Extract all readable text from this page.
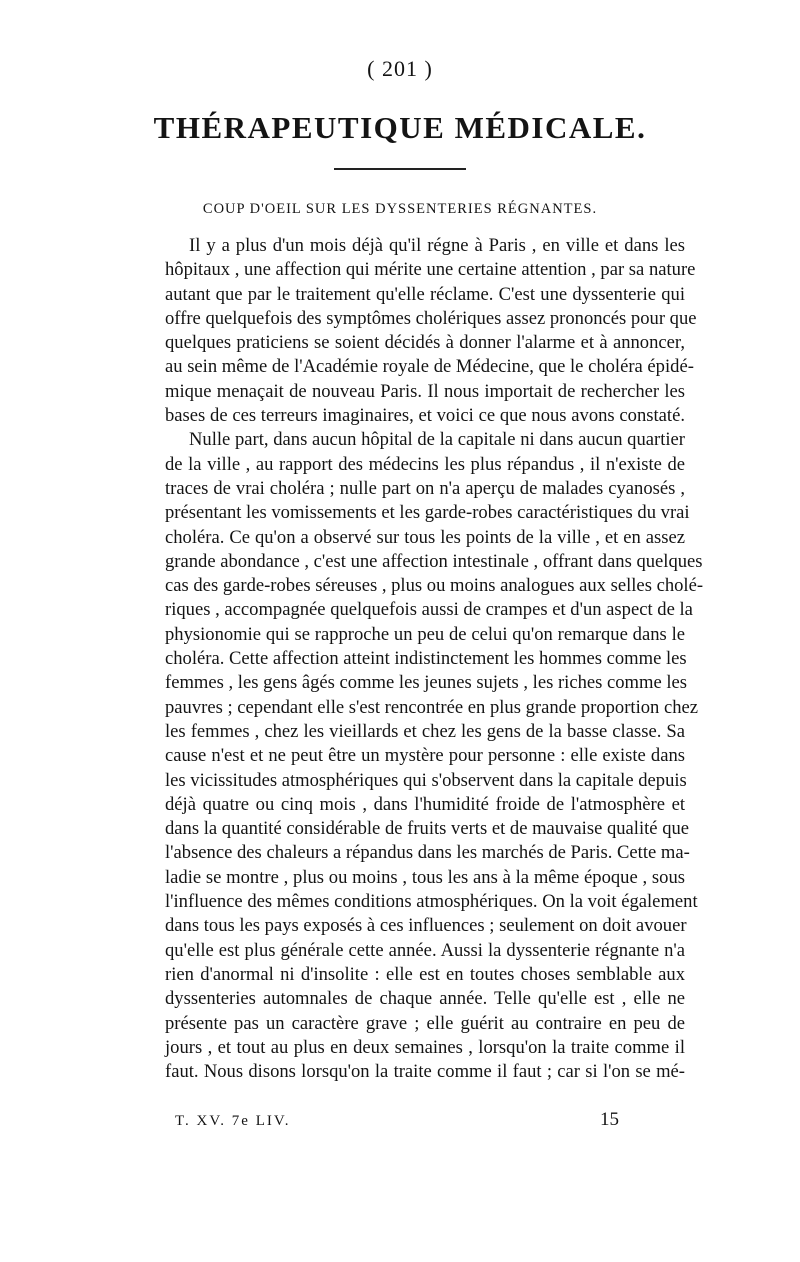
( 201 )
THÉRAPEUTIQUE MÉDICALE.
COUP D'OEIL SUR LES DYSSENTERIES RÉGNANTES.
Il y a plus d'un mois déjà qu'il régne à Paris , en ville et dans les
hôpitaux , une affection qui mérite une certaine attention , par sa nature
autant que par le traitement qu'elle réclame. C'est une dyssenterie qui
offre quelquefois des symptômes cholériques assez prononcés pour que
quelques praticiens se soient décidés à donner l'alarme et à annoncer,
au sein même de l'Académie royale de Médecine, que le choléra épidé-
mique menaçait de nouveau Paris. Il nous importait de rechercher les
bases de ces terreurs imaginaires, et voici ce que nous avons constaté.
Nulle part, dans aucun hôpital de la capitale ni dans aucun quartier
de la ville , au rapport des médecins les plus répandus , il n'existe de
traces de vrai choléra ; nulle part on n'a aperçu de malades cyanosés ,
présentant les vomissements et les garde-robes caractéristiques du vrai
choléra. Ce qu'on a observé sur tous les points de la ville , et en assez
grande abondance , c'est une affection intestinale , offrant dans quelques
cas des garde-robes séreuses , plus ou moins analogues aux selles cholé-
riques , accompagnée quelquefois aussi de crampes et d'un aspect de la
physionomie qui se rapproche un peu de celui qu'on remarque dans le
choléra. Cette affection atteint indistinctement les hommes comme les
femmes , les gens âgés comme les jeunes sujets , les riches comme les
pauvres ; cependant elle s'est rencontrée en plus grande proportion chez
les femmes , chez les vieillards et chez les gens de la basse classe. Sa
cause n'est et ne peut être un mystère pour personne : elle existe dans
les vicissitudes atmosphériques qui s'observent dans la capitale depuis
déjà quatre ou cinq mois , dans l'humidité froide de l'atmosphère et
dans la quantité considérable de fruits verts et de mauvaise qualité que
l'absence des chaleurs a répandus dans les marchés de Paris. Cette ma-
ladie se montre , plus ou moins , tous les ans à la même époque , sous
l'influence des mêmes conditions atmosphériques. On la voit également
dans tous les pays exposés à ces influences ; seulement on doit avouer
qu'elle est plus générale cette année. Aussi la dyssenterie régnante n'a
rien d'anormal ni d'insolite : elle est en toutes choses semblable aux
dyssenteries automnales de chaque année. Telle qu'elle est , elle ne
présente pas un caractère grave ; elle guérit au contraire en peu de
jours , et tout au plus en deux semaines , lorsqu'on la traite comme il
faut. Nous disons lorsqu'on la traite comme il faut ; car si l'on se mé-
T. XV. 7e LIV.	15
